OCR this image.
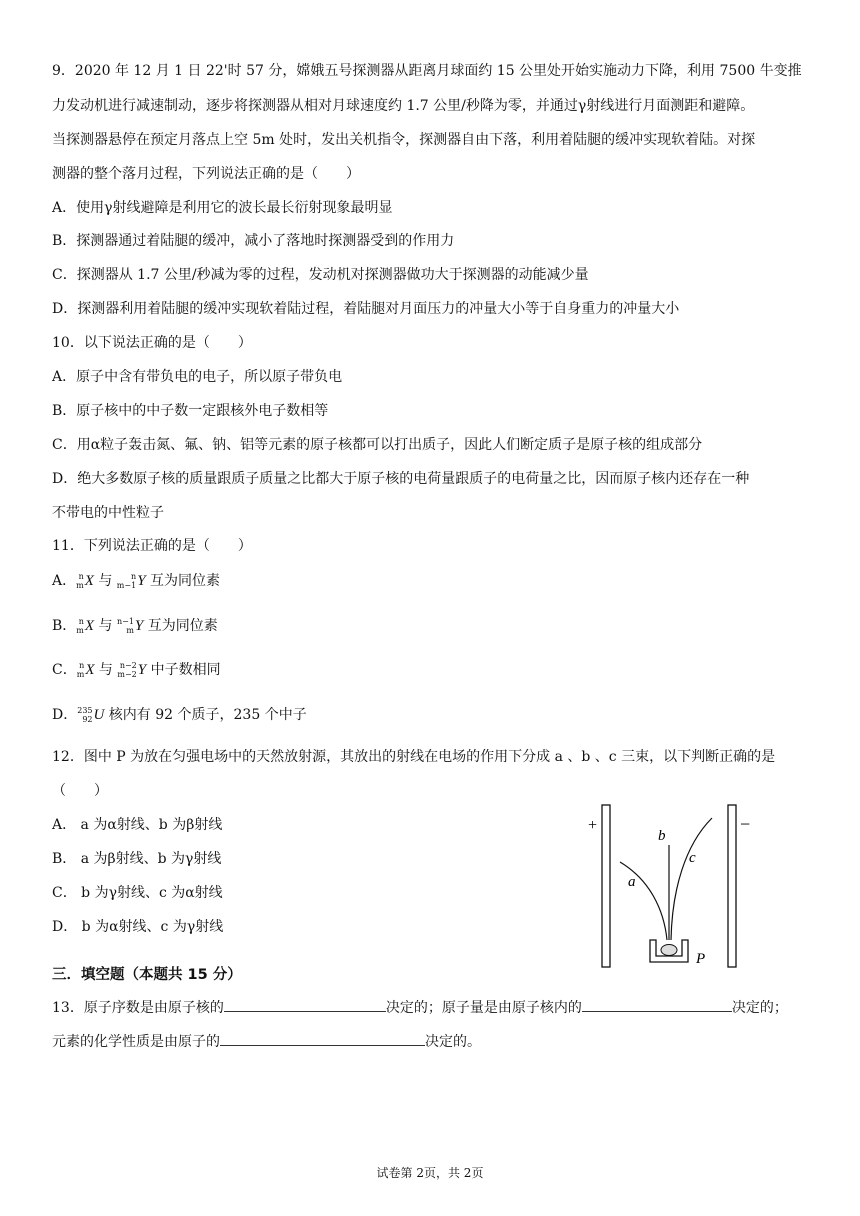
9．2020 年 12 月 1 日 22'时 57 分，嫦娥五号探测器从距离月球面约 15 公里处开始实施动力下降，利用 7500 牛变推
力发动机进行减速制动，逐步将探测器从相对月球速度约 1.7 公里/秒降为零，并通过γ射线进行月面测距和避障。
当探测器悬停在预定月落点上空 5m 处时，发出关机指令，探测器自由下落，利用着陆腿的缓冲实现软着陆。对探
测器的整个落月过程，下列说法正确的是（　　）
A．使用γ射线避障是利用它的波长最长衍射现象最明显
B．探测器通过着陆腿的缓冲，减小了落地时探测器受到的作用力
C．探测器从 1.7 公里/秒减为零的过程，发动机对探测器做功大于探测器的动能减少量
D．探测器利用着陆腿的缓冲实现软着陆过程，着陆腿对月面压力的冲量大小等于自身重力的冲量大小
10．以下说法正确的是（　　）
A．原子中含有带负电的电子，所以原子带负电
B．原子核中的中子数一定跟核外电子数相等
C．用α粒子轰击氮、氟、钠、铝等元素的原子核都可以打出质子，因此人们断定质子是原子核的组成部分
D．绝大多数原子核的质量跟质子质量之比都大于原子核的电荷量跟质子的电荷量之比，因而原子核内还存在一种
不带电的中性粒子
11．下列说法正确的是（　　）
A． n
mX 与 n
m−1Y 互为同位素
B． n
mX 与 n−1
mY 互为同位素
C． n
mX 与 n−2
m−2Y 中子数相同
D．235
92U 核内有 92 个质子，235 个中子
12．图中 P 为放在匀强电场中的天然放射源，其放出的射线在电场的作用下分成 a 、b 、c 三束，以下判断正确的是
（　　）
A． a 为α射线、b 为β射线
B． a 为β射线、b 为γ射线
C． b 为γ射线、c 为α射线
D． b 为α射线、c 为γ射线
+	−
a
b
c
P
三．填空题（本题共 15 分）
13．原子序数是由原子核的	决定的；原子量是由原子核内的	决定的；
元素的化学性质是由原子的	决定的。
试卷第 2页，共 2页
